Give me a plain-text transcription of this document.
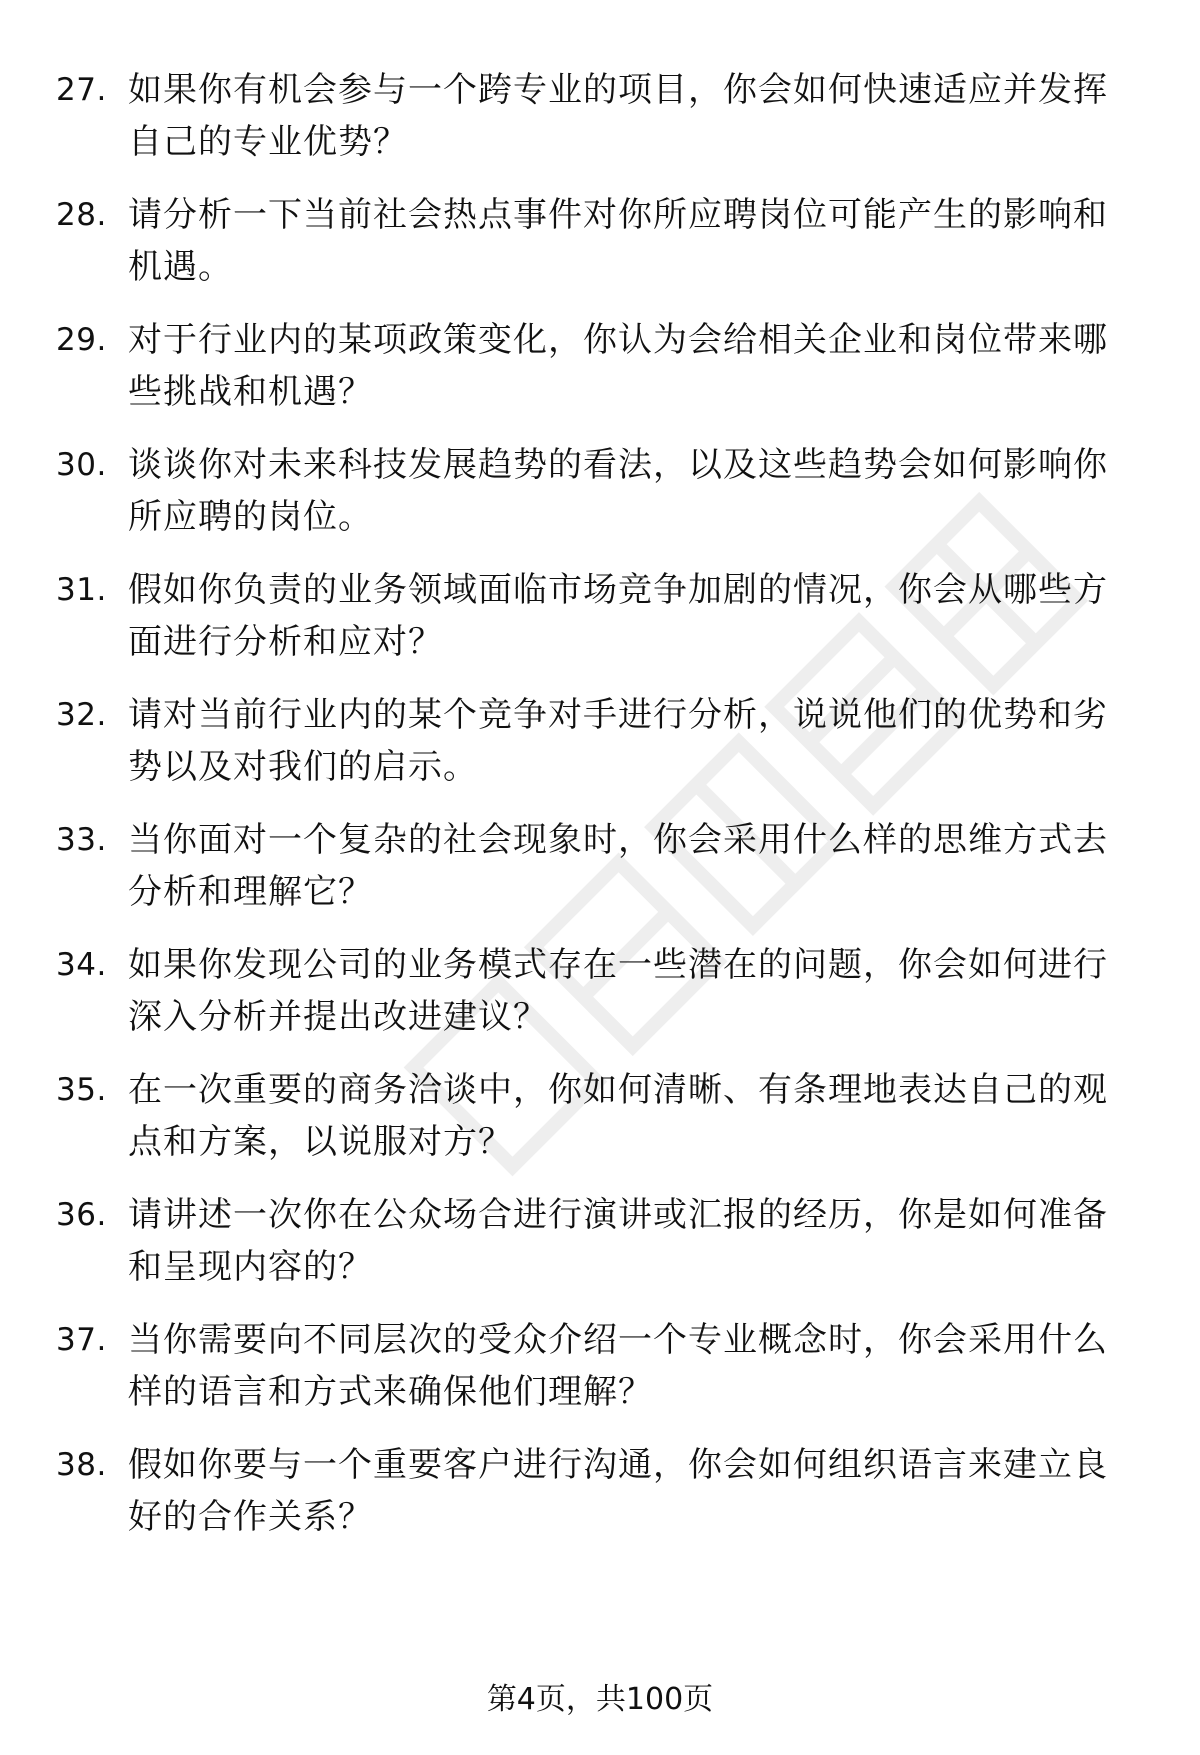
27. 如果你有机会参与一个跨专业的项目，你会如何快速适应并发挥自己的专业优势？
28. 请分析一下当前社会热点事件对你所应聘岗位可能产生的影响和机遇。
29. 对于行业内的某项政策变化，你认为会给相关企业和岗位带来哪些挑战和机遇？
30. 谈谈你对未来科技发展趋势的看法，以及这些趋势会如何影响你所应聘的岗位。
31. 假如你负责的业务领域面临市场竞争加剧的情况，你会从哪些方面进行分析和应对？
32. 请对当前行业内的某个竞争对手进行分析，说说他们的优势和劣势以及对我们的启示。
33. 当你面对一个复杂的社会现象时，你会采用什么样的思维方式去分析和理解它？
34. 如果你发现公司的业务模式存在一些潜在的问题，你会如何进行深入分析并提出改进建议？
35. 在一次重要的商务洽谈中，你如何清晰、有条理地表达自己的观点和方案，以说服对方？
36. 请讲述一次你在公众场合进行演讲或汇报的经历，你是如何准备和呈现内容的？
37. 当你需要向不同层次的受众介绍一个专业概念时，你会采用什么样的语言和方式来确保他们理解？
38. 假如你要与一个重要客户进行沟通，你会如何组织语言来建立良好的合作关系？
第4页，共100页
